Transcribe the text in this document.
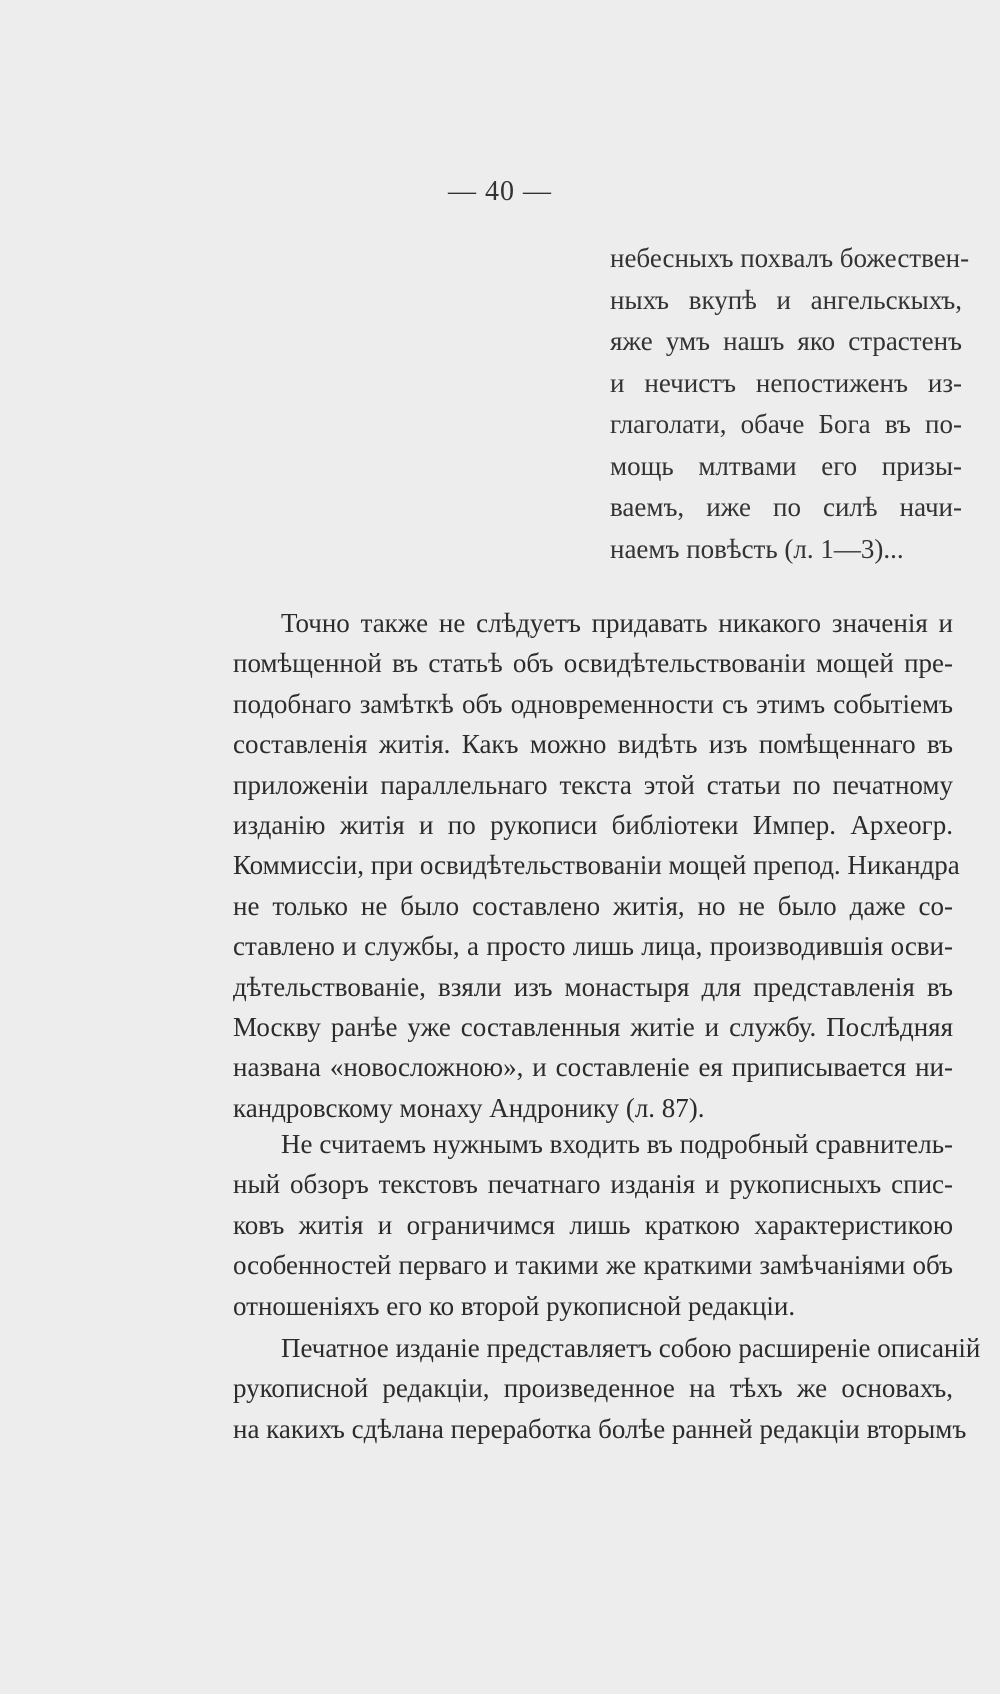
— 40 —
небесныхъ похвалъ божествен-
ныхъ вкупѣ и ангельскыхъ,
яже умъ нашъ яко страстенъ
и нечистъ непостиженъ из-
глаголати, обаче Бога въ по-
мощь млтвами его призы-
ваемъ, иже по силѣ начи-
наемъ повѣсть (л. 1—3)...
Точно также не слѣдуетъ придавать никакого значенія и
помѣщенной въ статьѣ объ освидѣтельствованіи мощей пре-
подобнаго замѣткѣ объ одновременности съ этимъ событіемъ
составленія житія. Какъ можно видѣть изъ помѣщеннаго въ
приложеніи параллельнаго текста этой статьи по печатному
изданію житія и по рукописи библіотеки Импер. Археогр.
Коммиссіи, при освидѣтельствованіи мощей препод. Никандра
не только не было составлено житія, но не было даже со-
ставлено и службы, а просто лишь лица, производившія осви-
дѣтельствованіе, взяли изъ монастыря для представленія въ
Москву ранѣе уже составленныя житіе и службу. Послѣдняя
названа «новосложною», и составленіе ея приписывается ни-
кандровскому монаху Андронику (л. 87).
Не считаемъ нужнымъ входить въ подробный сравнитель-
ный обзоръ текстовъ печатнаго изданія и рукописныхъ спис-
ковъ житія и ограничимся лишь краткою характеристикою
особенностей перваго и такими же краткими замѣчаніями объ
отношеніяхъ его ко второй рукописной редакціи.
Печатное изданіе представляетъ собою расширеніе описаній
рукописной редакціи, произведенное на тѣхъ же основахъ,
на какихъ сдѣлана переработка болѣе ранней редакціи вторымъ
